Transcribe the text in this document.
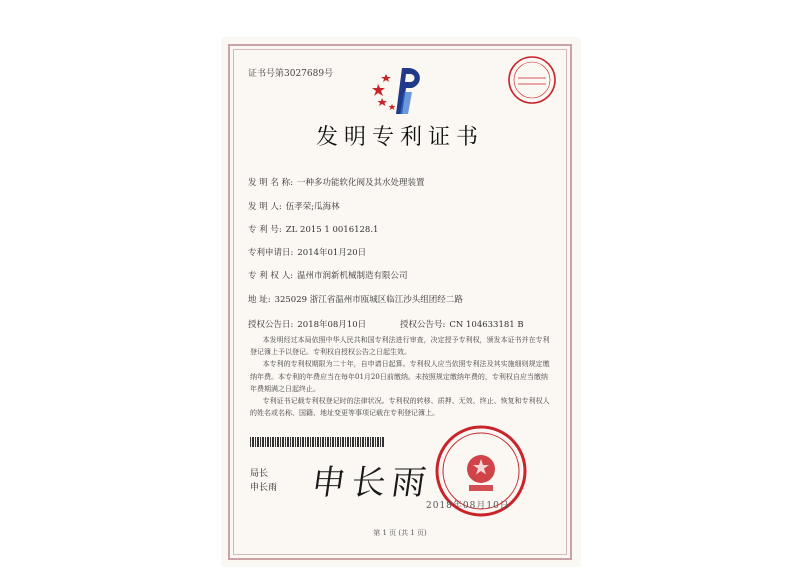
证书号第3027689号
发明专利证书
发 明 名 称: 一种多功能软化阀及其水处理装置
发 明 人: 伍孝荣;瓜海林
专 利 号: ZL 2015 1 0016128.1
专利申请日: 2014年01月20日
专 利 权 人: 温州市润新机械制造有限公司
地 址: 325029 浙江省温州市瓯城区临江沙头组团经二路
授权公告日: 2018年08月10日	授权公告号: CN 104633181 B

本发明经过本局依照中华人民共和国专利法进行审查，决定授予专利权，颁发本证书并在专利登记簿上予以登记。专利权自授权公告之日起生效。

本专利的专利权期限为二十年，自申请日起算。专利权人应当依照专利法及其实施细则规定缴纳年费。本专利的年费应当在每年01月20日前缴纳。未按照规定缴纳年费的，专利权自应当缴纳年费期满之日起终止。

专利证书记载专利权登记时的法律状况。专利权的转移、质押、无效、终止、恢复和专利权人的姓名或名称、国籍、地址变更等事项记载在专利登记簿上。

局长
申长雨 申长雨
2018年08月10日
第 1 页 (共 1 页)
